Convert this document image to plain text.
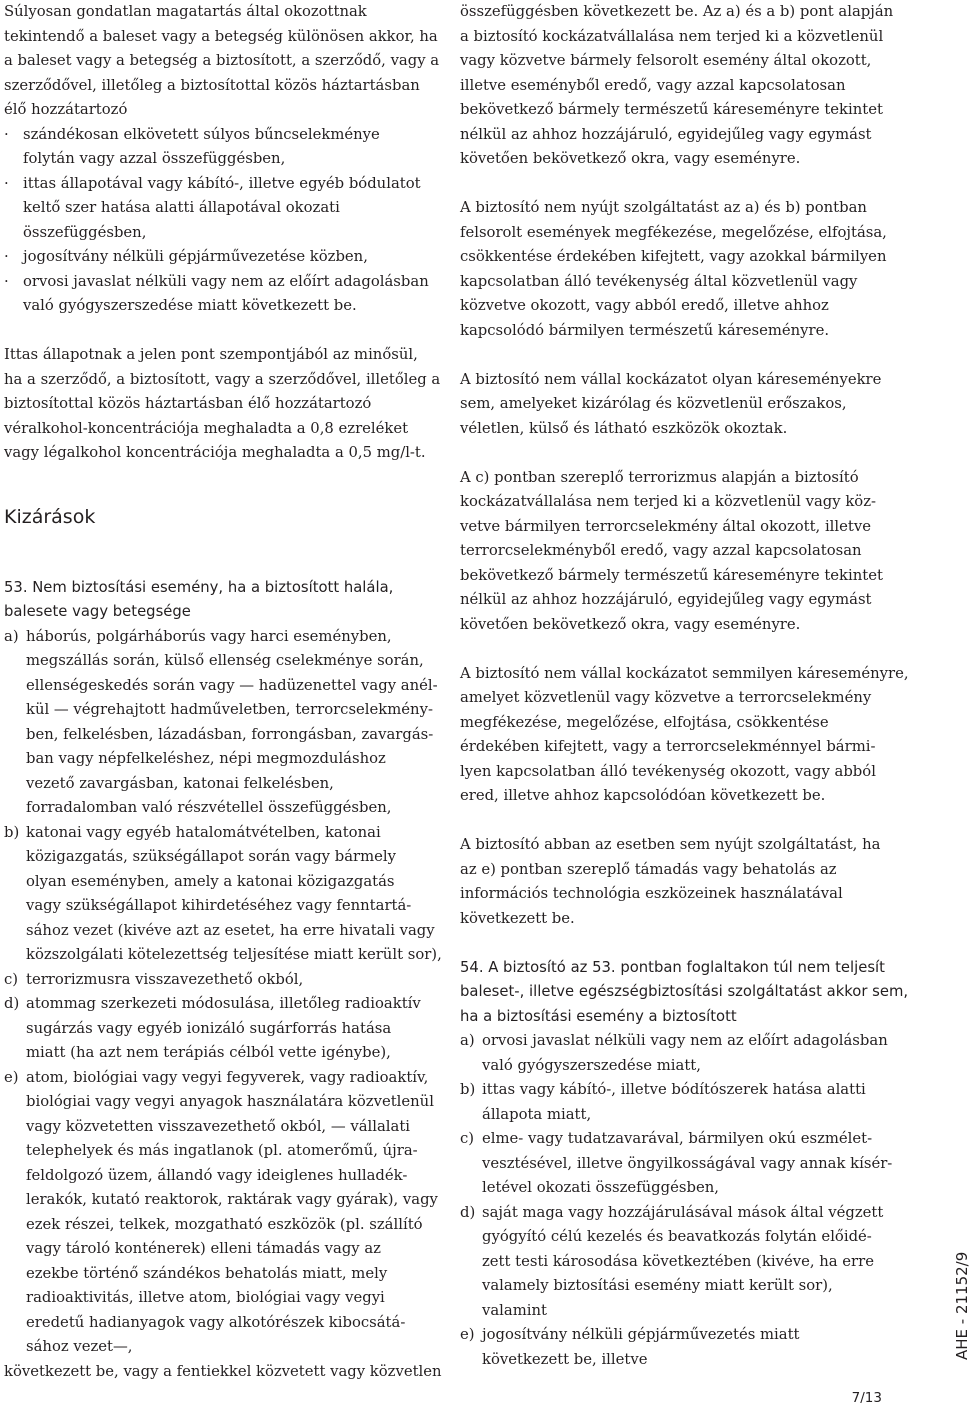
Súlyosan gondatlan magatartás által okozottnak
tekintendő a baleset vagy a betegség különösen akkor, ha
a baleset vagy a betegség a biztosított, a szerződő, vagy a
szerződővel, illetőleg a biztosítottal közös háztartásban
élő hozzátartozó
· szándékosan elkövetett súlyos bűncselekménye
folytán vagy azzal összefüggésben,
· ittas állapotával vagy kábító-, illetve egyéb bódulatot
keltő szer hatása alatti állapotával okozati
összefüggésben,
· jogosítvány nélküli gépjárművezetése közben,
· orvosi javaslat nélküli vagy nem az előírt adagolásban
való gyógyszerszedése miatt következett be.
Ittas állapotnak a jelen pont szempontjából az minősül,
ha a szerződő, a biztosított, vagy a szerződővel, illetőleg a
biztosítottal közös háztartásban élő hozzátartozó
véralkohol-koncentrációja meghaladta a 0,8 ezreléket
vagy légalkohol koncentrációja meghaladta a 0,5 mg/l-t.
53. Nem biztosítási esemény, ha a biztosított halála,
balesete vagy betegsége
a) háborús, polgárháborús vagy harci eseményben,
megszállás során, külső ellenség cselekménye során,
ellenségeskedés során vagy — hadüzenettel vagy anél-
kül — végrehajtott hadműveletben, terrorcselekmény-
ben, felkelésben, lázadásban, forrongásban, zavargás-
ban vagy népfelkeléshez, népi megmozduláshoz
vezető zavargásban, katonai felkelésben,
forradalomban való részvétellel összefüggésben,
b) katonai vagy egyéb hatalomátvételben, katonai
közigazgatás, szükségállapot során vagy bármely
olyan eseményben, amely a katonai közigazgatás
vagy szükségállapot kihirdetéséhez vagy fenntartá-
sához vezet (kivéve azt az esetet, ha erre hivatali vagy
közszolgálati kötelezettség teljesítése miatt került sor),
c) terrorizmusra visszavezethető okból,
d) atommag szerkezeti módosulása, illetőleg radioaktív
sugárzás vagy egyéb ionizáló sugárforrás hatása
miatt (ha azt nem terápiás célból vette igénybe),
e) atom, biológiai vagy vegyi fegyverek, vagy radioaktív,
biológiai vagy vegyi anyagok használatára közvetlenül
vagy közvetetten visszavezethető okból, — vállalati
telephelyek és más ingatlanok (pl. atomerőmű, újra-
feldolgozó üzem, állandó vagy ideiglenes hulladék-
lerakók, kutató reaktorok, raktárak vagy gyárak), vagy
ezek részei, telkek, mozgatható eszközök (pl. szállító
vagy tároló konténerek) elleni támadás vagy az
ezekbe történő szándékos behatolás miatt, mely
radioaktivitás, illetve atom, biológiai vagy vegyi
eredetű hadianyagok vagy alkotórészek kibocsátá-
sához vezet—,
következett be, vagy a fentiekkel közvetett vagy közvetlen
Kizárások
összefüggésben következett be. Az a) és a b) pont alapján
a biztosító kockázatvállalása nem terjed ki a közvetlenül
vagy közvetve bármely felsorolt esemény által okozott,
illetve eseményből eredő, vagy azzal kapcsolatosan
bekövetkező bármely természetű káreseményre tekintet
nélkül az ahhoz hozzájáruló, egyidejűleg vagy egymást
követően bekövetkező okra, vagy eseményre.
A biztosító nem nyújt szolgáltatást az a) és b) pontban
felsorolt események megfékezése, megelőzése, elfojtása,
csökkentése érdekében kifejtett, vagy azokkal bármilyen
kapcsolatban álló tevékenység által közvetlenül vagy
közvetve okozott, vagy abból eredő, illetve ahhoz
kapcsolódó bármilyen természetű káreseményre.
A biztosító nem vállal kockázatot olyan káreseményekre
sem, amelyeket kizárólag és közvetlenül erőszakos,
véletlen, külső és látható eszközök okoztak.
A c) pontban szereplő terrorizmus alapján a biztosító
kockázatvállalása nem terjed ki a közvetlenül vagy köz-
vetve bármilyen terrorcselekmény által okozott, illetve
terrorcselekményből eredő, vagy azzal kapcsolatosan
bekövetkező bármely természetű káreseményre tekintet
nélkül az ahhoz hozzájáruló, egyidejűleg vagy egymást
követően bekövetkező okra, vagy eseményre.
A biztosító nem vállal kockázatot semmilyen káreseményre,
amelyet közvetlenül vagy közvetve a terrorcselekmény
megfékezése, megelőzése, elfojtása, csökkentése
érdekében kifejtett, vagy a terrorcselekménnyel bármi-
lyen kapcsolatban álló tevékenység okozott, vagy abból
ered, illetve ahhoz kapcsolódóan következett be.
A biztosító abban az esetben sem nyújt szolgáltatást, ha
az e) pontban szereplő támadás vagy behatolás az
információs technológia eszközeinek használatával
következett be.
54. A biztosító az 53. pontban foglaltakon túl nem teljesít
baleset-, illetve egészségbiztosítási szolgáltatást akkor sem,
ha a biztosítási esemény a biztosított
a) orvosi javaslat nélküli vagy nem az előírt adagolásban
való gyógyszerszedése miatt,
b) ittas vagy kábító-, illetve bódítószerek hatása alatti
állapota miatt,
c) elme- vagy tudatzavarával, bármilyen okú eszmélet-
vesztésével, illetve öngyilkosságával vagy annak kísér-
letével okozati összefüggésben,
d) saját maga vagy hozzájárulásával mások által végzett
gyógyító célú kezelés és beavatkozás folytán előidé-
zett testi károsodása következtében (kivéve, ha erre
valamely biztosítási esemény miatt került sor),
valamint
e) jogosítvány nélküli gépjárművezetés miatt
következett be, illetve	AHE - 21152/9
7/13
